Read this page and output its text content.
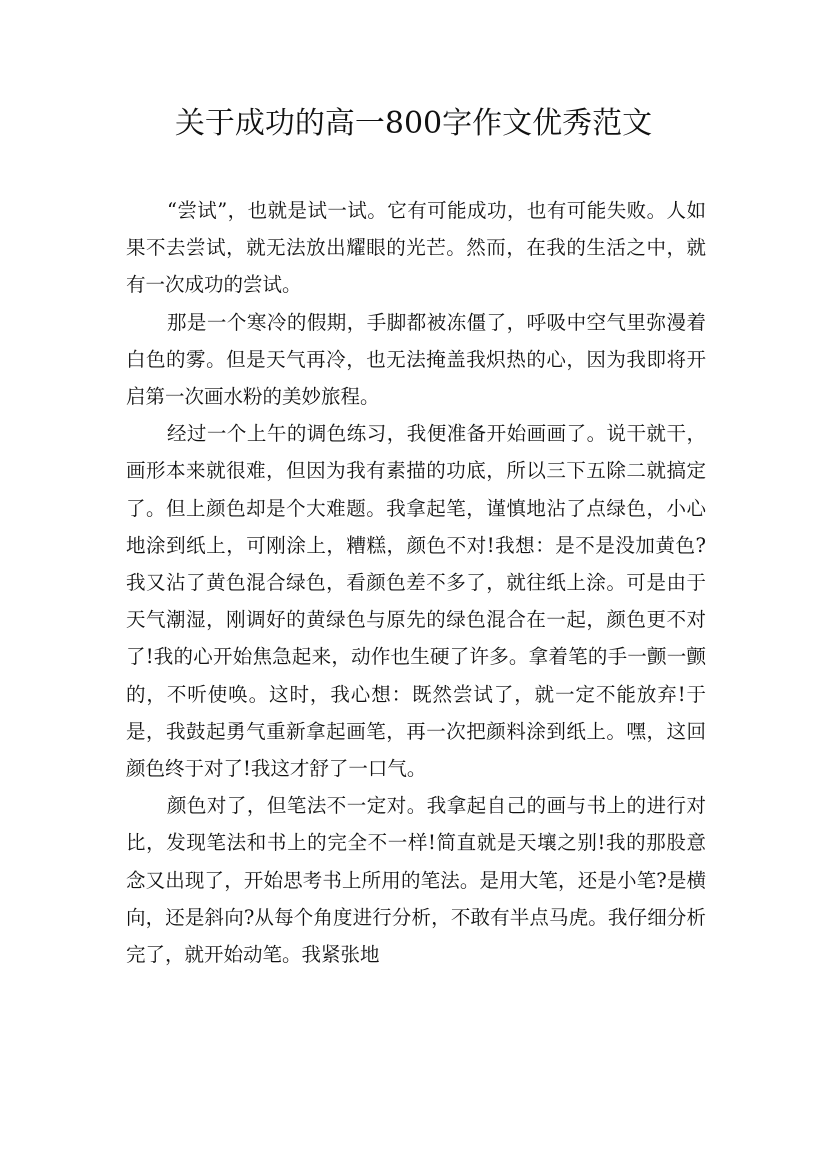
关于成功的高一800字作文优秀范文

“尝试”，也就是试一试。它有可能成功，也有可能失败。人如果不去尝试，就无法放出耀眼的光芒。然而，在我的生活之中，就有一次成功的尝试。

那是一个寒冷的假期，手脚都被冻僵了，呼吸中空气里弥漫着白色的雾。但是天气再冷，也无法掩盖我炽热的心，因为我即将开启第一次画水粉的美妙旅程。

经过一个上午的调色练习，我便准备开始画画了。说干就干，画形本来就很难，但因为我有素描的功底，所以三下五除二就搞定了。但上颜色却是个大难题。我拿起笔，谨慎地沾了点绿色，小心地涂到纸上，可刚涂上，糟糕，颜色不对!我想：是不是没加黄色?我又沾了黄色混合绿色，看颜色差不多了，就往纸上涂。可是由于天气潮湿，刚调好的黄绿色与原先的绿色混合在一起，颜色更不对了!我的心开始焦急起来，动作也生硬了许多。拿着笔的手一颤一颤的，不听使唤。这时，我心想：既然尝试了，就一定不能放弃!于是，我鼓起勇气重新拿起画笔，再一次把颜料涂到纸上。嘿，这回颜色终于对了!我这才舒了一口气。

颜色对了，但笔法不一定对。我拿起自己的画与书上的进行对比，发现笔法和书上的完全不一样!简直就是天壤之别!我的那股意念又出现了，开始思考书上所用的笔法。是用大笔，还是小笔?是横向，还是斜向?从每个角度进行分析，不敢有半点马虎。我仔细分析完了，就开始动笔。我紧张地
